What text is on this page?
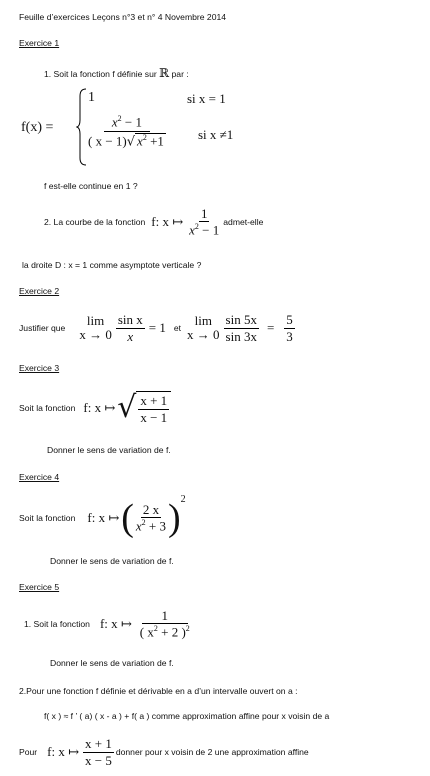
Feuille d’exercices Leçons n°3 et n° 4 Novembre 2014
Exercice 1
1. Soit la fonction f définie sur ℝ par :
f(x) =
1	si x = 1
$\frac{x^2 - 1}{( x - 1)√ x^2 +1}$ si x ≠1
f est-elle continue en 1 ?
2. La courbe de la fonction f: x ↦ $\frac{1}{x^2 - 1}$ admet-elle
la droite D : x = 1 comme asymptote verticale ?
Exercice 2
Justifier que
lim
$x \to 0 \frac{\text{sin x}}{x} = 1$ et
lim
$x \to 0 \frac{\sin 5x}{\sin 3x} = \frac{5}{3}$
Exercice 3
Soit la fonction f: x ↦ √ $\frac{x + 1}{x - 1}$
Donner le sens de variation de f.
Exercice 4
Soit la fonction f: x ↦ ( $\frac{2 x}{x^2 + 3}$ ) 2
Donner le sens de variation de f.
Exercice 5
1. Soit la fonction f: x ↦ $\frac{1}{( x^2 + 2 )^2}$
Donner le sens de variation de f.
2.Pour une fonction f définie et dérivable en a d’un intervalle ouvert on a :
f( x ) ≈ f ’ ( a) ( x - a ) + f( a ) comme approximation affine pour x voisin de a
Pour f: x ↦ $\frac{x + 1}{x - 5}$ donner pour x voisin de 2 une approximation affine
